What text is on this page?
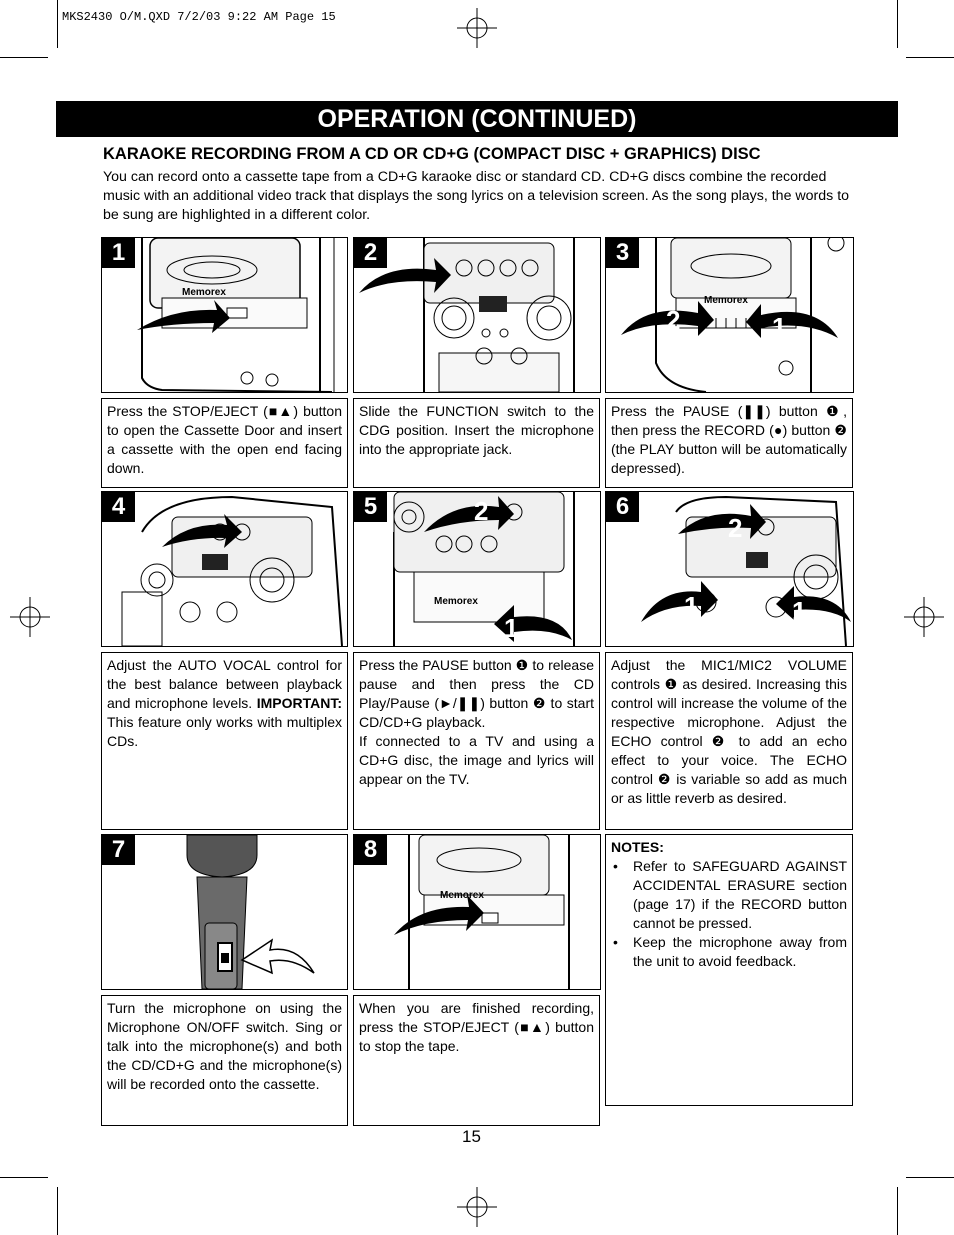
MKS2430 O/M.QXD 7/2/03 9:22 AM Page 15
OPERATION (CONTINUED)
KARAOKE RECORDING FROM A CD OR CD+G (COMPACT DISC + GRAPHICS) DISC
You can record onto a cassette tape from a CD+G karaoke disc or standard CD. CD+G discs combine the recorded music with an additional video track that displays the song lyrics on a television screen. As the song plays, the words to be sung are highlighted in a different color.
1
Memorex
2	3
Memorex
2	1

Press the STOP/EJECT (■▲) button to open the Cassette Door and insert a cassette with the open end facing down.

Slide the FUNCTION switch to the CDG position. Insert the microphone into the appropriate jack.

Press the PAUSE (❚❚) button ❶, then press the RECORD (●) button ❷ (the PLAY button will be automatically depressed).

4	5
Memorex
2
1
6
2
1	1

Adjust the AUTO VOCAL control for the best balance between playback and microphone levels. IMPORTANT: This feature only works with multiplex CDs.

Press the PAUSE button ❶ to release pause and then press the CD Play/Pause (►/❚❚) button ❷ to start CD/CD+G playback.

If connected to a TV and using a CD+G disc, the image and lyrics will appear on the TV.

Adjust the MIC1/MIC2 VOLUME controls ❶ as desired. Increasing this control will increase the volume of the respective microphone. Adjust the ECHO control ❷ to add an echo effect to your voice. The ECHO control ❷ is variable so add as much or as little reverb as desired.

7	8
Memorex
NOTES:
• Refer to SAFEGUARD AGAINST ACCIDENTAL ERASURE section (page 17) if the RECORD button cannot be pressed.
• Keep the microphone away from the unit to avoid feedback.

Turn the microphone on using the Microphone ON/OFF switch. Sing or talk into the microphone(s) and both the CD/CD+G and the microphone(s) will be recorded onto the cassette.

When you are finished recording, press the STOP/EJECT (■▲) button to stop the tape.

15
